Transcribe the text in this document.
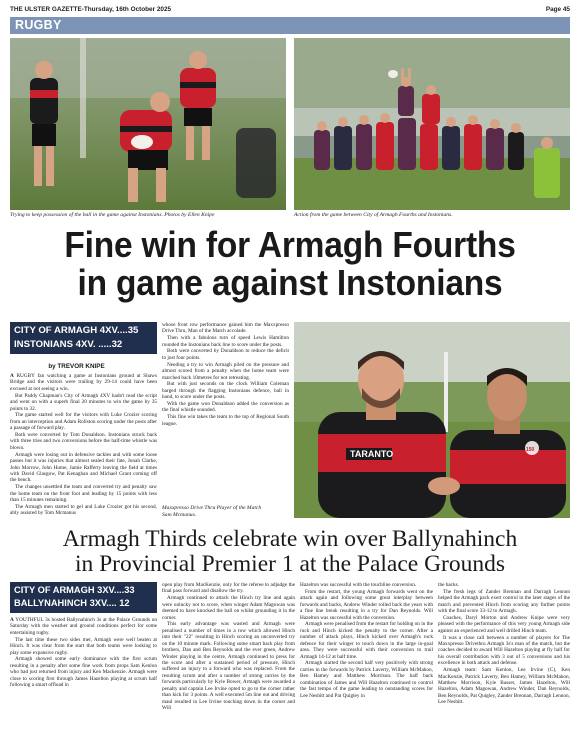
THE ULSTER GAZETTE-Thursday, 16th October 2025	Page 45
RUGBY
Trying to keep possession of the ball in the game against Instonians. Photos by Ellen Knipe	Action from the game between City of Armagh Fourths and Instonians.
Fine win for Armagh Fourths
in game against Instonians
CITY OF ARMAGH 4XV....35
INSTONIANS 4XV. .....32
by TREVOR KNIPE

A RUGBY fan watching a game at Instonians ground at Shaws Bridge and the visitors were trailing by 29-14 could have been excused at not seeing a win.

But Paddy Chapman's City of Armagh 4XV hadn't read the script and went on with a superb final 20 minutes to win the game by 35 points to 32.

The game started well for the visitors with Luke Crozier scoring from an interception and Adam Rollston scoring under the posts after a passage of forward play.

Both were converted by Tom Donaldson. Instonians struck back with three tries and two conversions before the half-time whistle was blown.

Armagh were losing out in defensive tackles and with some loose passes but it was injuries that almost sealed their fate, Jonah Clarke, John Morrow, John Hume, Jamie Rafferty leaving the field at times with David Glasgow, Pat Kenaghan and Michael Grant coming off the bench.

The changes unsettled the team and converted try and penalty saw the home team on the front foot and leading by 15 points with less than 15 minutes remaining.

The Armagh men started to gel and Luke Crozier got his second, ably assisted by Tom Mcmanus

whose front row performance gained him the Maxxpresso Drive Thru, Man of the Match accolade.

Then with a fabulous turn of speed Lewis Hamilton rounded the Instonians back line to score under the posts.

Both were converted by Donaldson to reduce the deficit to just four points.

Needing a try to win Armagh piled on the pressure and almost scored from a penalty when the home team were marched back 10metres for not retreating.

But with just seconds on the clock William Coleman barged through the flagging Instonians defence, ball in hand, to score under the posts.

With the game won Donaldson added the conversion as the final whistle sounded.

This fine win takes the team to the top of Regional South league.

TARANTO	150
Maxxpresso Drive Thru Player of the Match Sam Mcmanus.
Armagh Thirds celebrate win over Ballynahinch
in Provincial Premier 1 at the Palace Grounds
CITY OF ARMAGH 3XV....33
BALLYNAHINCH 3XV.... 12

A YOUTHFUL 3s hosted Ballynahinch 3s at the Palace Grounds on Saturday with the weather and ground conditions perfect for some entertaining rugby.

The last time these two sides met, Armagh were well beaten at Hinch. It was clear from the start that both teams were looking to play some expansive rugby.

Armagh showed some early dominance with the first scrum resulting in a penalty after some fine work from props Sam Kenlon who had just returned from injury and Ken Mackenzie. Armagh were close to scoring first through James Hazelton playing at scrum half following a smart offload in

open play from MacKenzie, only for the referee to adjudge the final pass forward and disallow the try.

Armagh continued to attack the Hinch try line and again were unlucky not to score, when winger Adam Magowan was deemed to have knocked the ball on whilst grounding it in the corner.

This early advantage was wasted and Armagh were penalised a number of times in a row which allowed Hinch into their "22" resulting in Hinch scoring an unconverted try on the 10 minute mark. Following some smart back play from brothers, Dan and Ben Reynolds and the ever green, Andrew Winder playing in the centre, Armagh continued to press for the score and after a sustained period of pressure, Hinch suffered an injury to a forward who was replaced. From the resulting scrum and after a number of strong carries by the forwards particularly by Kyle Bower, Armagh were awarded a penalty and captain Lee Irvine opted to go to the corner rather than kick for 3 points. A well executed 5m line out and driving maul resulted in Lee Irvine touching down in the corner and Will

Hazelton was successful with the touchline conversion.

From the restart, the young Armagh forwards went on the attack again and following some great interplay between forwards and backs, Andrew Winder rolled back the years with a fine line break resulting in a try for Dan Reynolds. Will Hazelton was successful with the conversion.

Armagh were penalised from the restart for holding on in the ruck and Hinch kicked the penalty to the corner. After a number of attack plays, Hinch kicked over Armagh's ruck defence for their winger to touch down in the large in-goal area. They were successful with their conversion to trail Armagh 14-12 at half time.

Armagh started the second half very positively with strong carries in the forwards by Patrick Laverty, William McMahon, Ben Hamey and Matthew Morrison. The half back combination of James and Will Hazelton continued to control the fast tempo of the game leading to outstanding scores for Lee Nesbitt and Pat Quigley in

the backs.

The fresh legs of Zander Brennan and Darragh Lennon helped the Armagh pack exert control in the later stages of the match and prevented Hinch from scoring any further points with the final score 33-12 to Armagh.

Coaches, Daryl Morton and Andrew Knipe were very pleased with the performance of this very young Armagh side against an experienced and well drilled Hinch team.

It was a close call between a number of players for The Maxxpresso Drivethru Armagh 3s's man of the match, but the coaches decided to award Will Hazelton playing at fly half for his overall contribution with 3 out of 5 conversions and his excellence in both attack and defense.

Armagh team: Sam Kenlon, Lee Irvine (C), Ken MacKenzie, Patrick Laverty, Ben Hamey, William McMahon, Matthew Morrison, Kyle Basset, James Hazelton, Will Hazelton, Adam Magowan, Andrew Winder, Dan Reynolds, Ben Reynolds, Pat Quigley, Zander Brennan, Darragh Lennon, Lee Nesbitt.
